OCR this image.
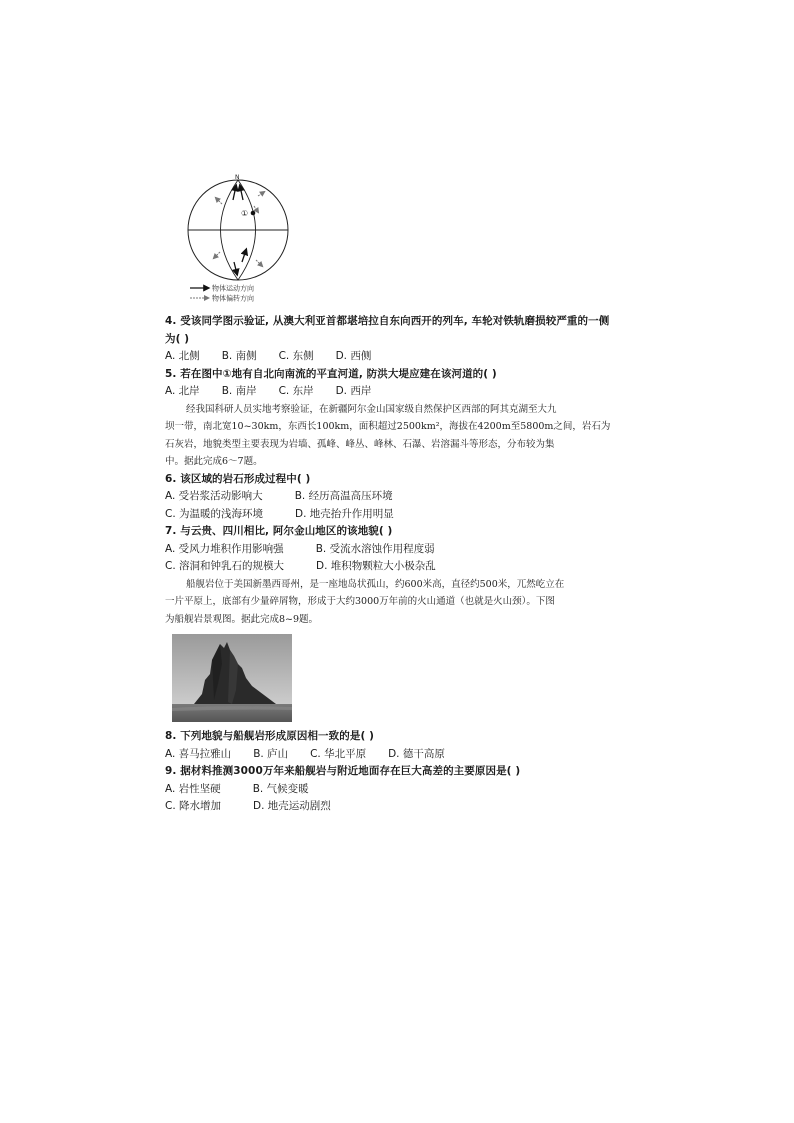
N
①
物体运动方向
物体偏转方向
4. 受该同学图示验证, 从澳大利亚首都堪培拉自东向西开的列车, 车轮对铁轨磨损较严重的一侧
为( )
A. 北侧 B. 南侧 C. 东侧 D. 西侧
5. 若在图中①地有自北向南流的平直河道, 防洪大堤应建在该河道的( )
A. 北岸 B. 南岸 C. 东岸 D. 西岸
经我国科研人员实地考察验证，在新疆阿尔金山国家级自然保护区西部的阿其克湖至大九
坝一带，南北宽10~30km，东西长100km，面积超过2500km²，海拔在4200m至5800m之间，岩石为
石灰岩，地貌类型主要表现为岩墙、孤峰、峰丛、峰林、石瀑、岩溶漏斗等形态，分布较为集
中。据此完成6～7题。
6. 该区域的岩石形成过程中( )
A. 受岩浆活动影响大	B. 经历高温高压环境
C. 为温暖的浅海环境	D. 地壳抬升作用明显
7. 与云贵、四川相比, 阿尔金山地区的该地貌( )
A. 受风力堆积作用影响强	B. 受流水溶蚀作用程度弱
C. 溶洞和钟乳石的规模大	D. 堆积物颗粒大小极杂乱
船舰岩位于美国新墨西哥州，是一座地岛状孤山，约600米高，直径约500米，兀然屹立在
一片平原上，底部有少量碎屑物，形成于大约3000万年前的火山通道（也就是火山颈）。下图
为船舰岩景观图。据此完成8~9题。
8. 下列地貌与船舰岩形成原因相一致的是( )
A. 喜马拉雅山 B. 庐山 C. 华北平原 D. 德干高原
9. 据材料推测3000万年来船舰岩与附近地面存在巨大高差的主要原因是( )
A. 岩性坚硬	B. 气候变暖
C. 降水增加	D. 地壳运动剧烈
